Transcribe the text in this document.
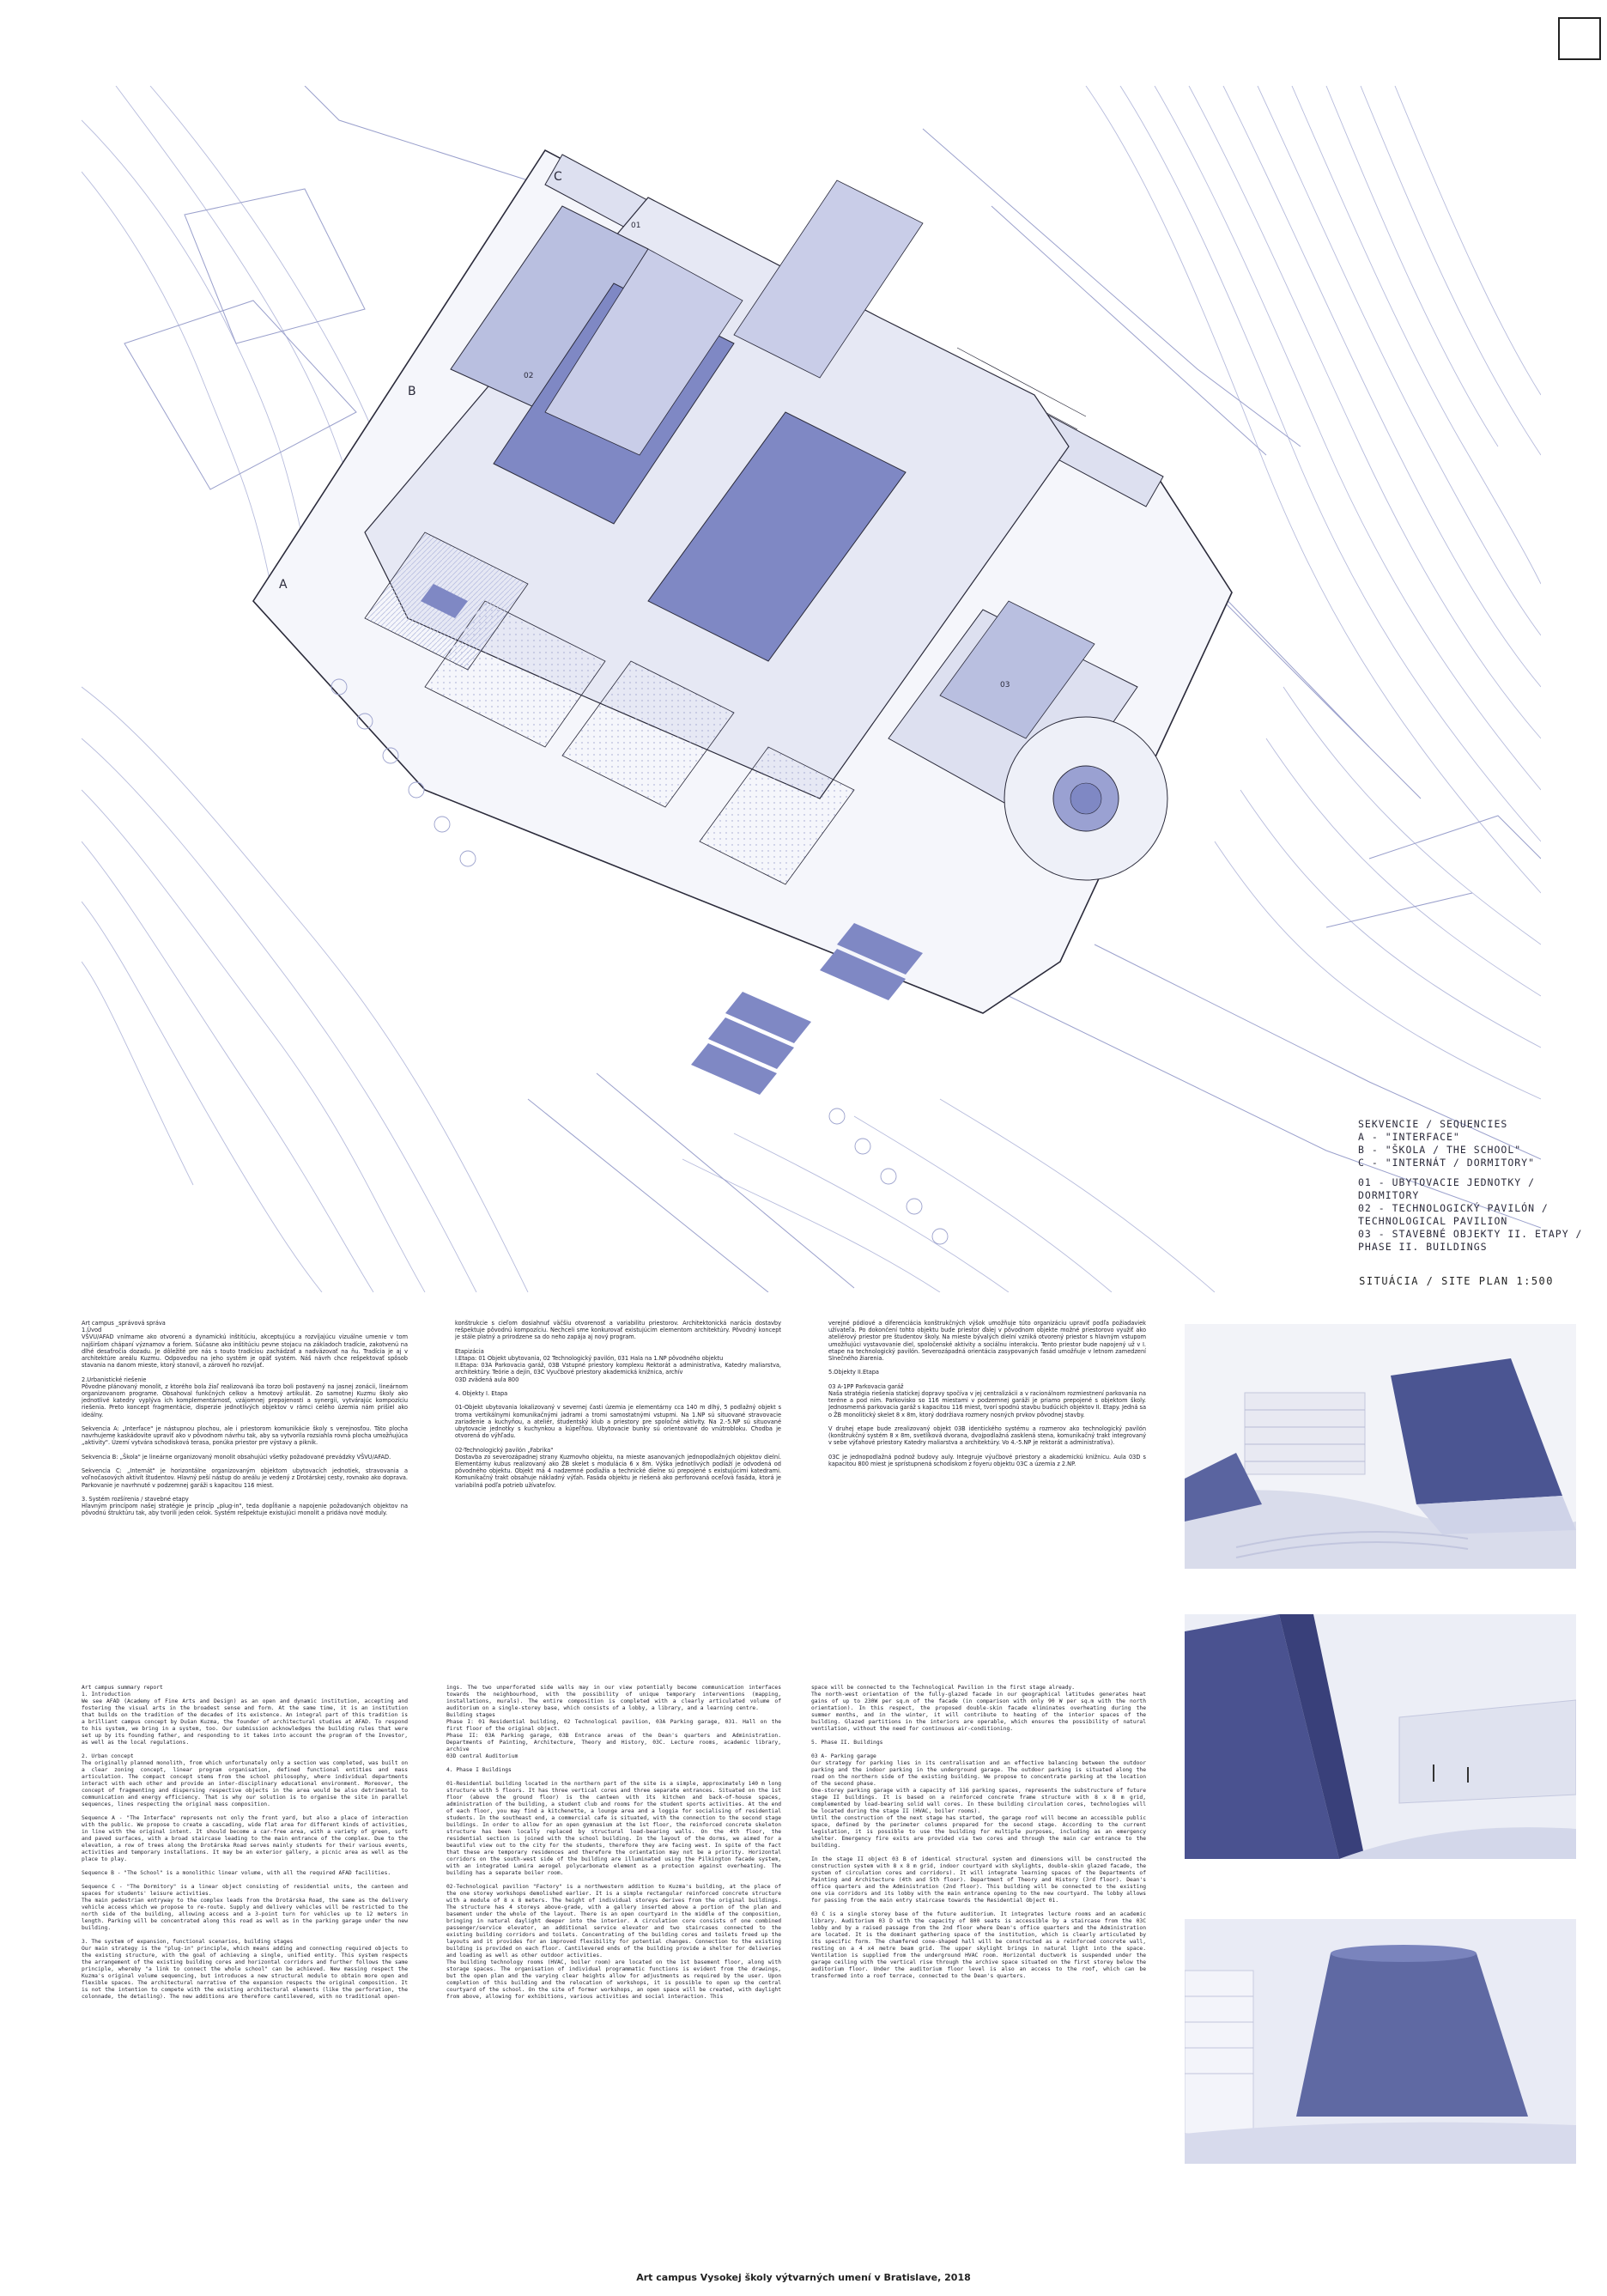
A
B
C
01
02
03
SEKVENCIE / SEQUENCIES
A - "INTERFACE"
B - "ŠKOLA / THE SCHOOL"
C - "INTERNÁT / DORMITORY"
01 - UBYTOVACIE JEDNOTKY /
DORMITORY
02 - TECHNOLOGICKÝ PAVILÓN /
TECHNOLOGICAL PAVILION
03 - STAVEBNÉ OBJEKTY II. ETAPY /
PHASE II. BUILDINGS
SITUÁCIA / SITE PLAN 1:500
Art campus _správová správa
1.Úvod
VŠVU/AFAD vnímame ako otvorenú a dynamickú inštitúciu, akceptujúcu a rozvíjajúcu vizuálne umenie v tom najširšom chápaní významov a foriem. Súčasne ako inštitúciu pevne stojacu na základoch tradície, zakotvenú na dlhé desaťročia dozadu. Je dôležité pre nás s touto tradíciou zachádzať a nadväzovať na ňu. Tradícia je aj v architektúre areálu Kuzmu. Odpoveďou na jeho systém je opäť systém. Náš návrh chce rešpektovať spôsob stavania na danom mieste, ktorý stanovil, a zároveň ho rozvíjať.

2.Urbanistické riešenie
Pôvodne plánovaný monolit, z ktorého bola žiaľ realizovaná iba torzo boli postavený na jasnej zonácii, lineárnom organizovanom programe. Obsahoval funkčných celkov a hmotový artikulát. Zo samotnej Kuzmu školy ako jednotlivé katedry vyplýva ich komplementárnosť, vzájomnej prepojenosti a synergii, vytvárajúc kompozíciu riešenia. Preto koncept fragmentácie, disperzie jednotlivých objektov v rámci celého územia nám prišiel ako ideálny.

Sekvencia A: „Interface" je nástupnou plochou, ale i priestorom komunikácie školy s verejnosťou. Táto plocha navrhujeme kaskádovite upraviť ako v pôvodnom návrhu tak, aby sa vytvorila rozsiahla rovná plocha umožňujúca „aktivity". Území vytvára schodisková terasa, ponúka priestor pre výstavy a piknik.

Sekvencia B: „Škola" je lineárne organizovaný monolit obsahujúci všetky požadované prevádzky VŠVU/AFAD.

Sekvencia C: „Internát" je horizontálne organizovaným objektom ubytovacích jednotiek, stravovania a voľnočasových aktivít študentov. Hlavný peší nástup do areálu je vedený z Drotárskej cesty, rovnako ako doprava. Parkovanie je navrhnuté v podzemnej garáži s kapacitou 116 miest.

3. Systém rozšírenia / stavebné etapy
Hlavným princípom našej stratégie je princíp „plug-in", teda dopĺňanie a napojenie požadovaných objektov na pôvodnú štruktúru tak, aby tvorili jeden celok. Systém rešpektuje existujúci monolit a pridáva nové moduly.
konštrukcie s cieľom dosiahnuť väčšiu otvorenosť a variabilitu priestorov. Architektonická narácia dostavby rešpektuje pôvodnú kompozíciu. Nechceli sme konkurovať existujúcim elementom architektúry. Pôvodný koncept je stále platný a prirodzene sa do neho zapája aj nový program.

Etapizácia
I.Etapa: 01 Objekt ubytovania, 02 Technologický pavilón, 031 Hala na 1.NP pôvodného objektu
II.Etapa: 03A Parkovacia garáž, 03B Vstupné priestory komplexu Rektorát a administratíva, Katedry maliarstva, architektúry. Teórie a dejín, 03C Vyučbové priestory akademická knižnica, archív
03D zvädená aula 800

4. Objekty I. Etapa

01-Objekt ubytovania lokalizovaný v severnej časti územia je elementárny cca 140 m dlhý, 5 podlažný objekt s troma vertikálnymi komunikačnými jadrami a tromi samostatnými vstupmi. Na 1.NP sú situované stravovacie zariadenie a kuchyňou, a ateliér, študentský klub a priestory pre spoločné aktivity. Na 2.-5.NP sú situované ubytovacie jednotky s kuchynkou a kúpeľňou. Ubytovacie bunky sú orientované do vnútrobloku. Chodba je otvorená do výhľadu.

02-Technologický pavilón „Fabrika"
Dostavba zo severozápadnej strany Kuzmovho objektu, na mieste asanovaných jednopodlažných objektov dielní. Elementárny kubus realizovaný ako ŽB skelet s modulácia 6 x 8m. Výška jednotlivých podlaží je odvodená od pôvodného objektu. Objekt má 4 nadzemné podlažia a technické dielne sú prepojené s existujúcimi katedrami. Komunikačný trakt obsahuje nákladný výťah. Fasáda objektu je riešená ako perforovaná oceľová fasáda, ktorá je variabilná podľa potrieb užívateľov.
verejné pódiové a diferenciácia konštrukčných výšok umožňuje túto organizáciu upraviť podľa požiadaviek užívateľa. Po dokončení tohto objektu bude priestor ďalej v pôvodnom objekte možné priestorovo využiť ako ateliérový priestor pre študentov školy. Na mieste bývalých dielní vzniká otvorený priestor s hlavným vstupom umožňujúci vystavovanie diel, spoločenské aktivity a sociálnu interakciu. Tento priestor bude napojený už v I. etape na technologický pavilón. Severozápadná orientácia zasypovaných fasád umožňuje v letnom zamedzení Slnečného žiarenia.

5.Objekty II.Etapa

03 A-1PP Parkovacia garáž
Naša stratégia riešenia statickej dopravy spočíva v jej centralizácii a v racionálnom rozmiestnení parkovania na teréne a pod ním. Parkovisko so 116 miestami v podzemnej garáži je priamo prepojené s objektom školy. Jednosmerná parkovacia garáž s kapacitou 116 miest, tvorí spodnú stavbu budúcich objektov II. Etapy. Jedná sa o ŽB monolitický skelet 8 x 8m, ktorý dodržiava rozmery nosných prvkov pôvodnej stavby.

V druhej etape bude zrealizovaný objekt 03B identického systému a rozmerov ako technologický pavilón (konštrukčný systém 8 x 8m, svetlíková dvorana, dvojpodlažná zasklená stena, komunikačný trakt integrovaný v sebe výťahové priestory Katedry maliarstva a architektúry. Vo 4.-5.NP je rektorát a administratíva).

03C je jednopodlažná podnož budovy auly. Integruje výučbové priestory a akademickú knižnicu. Aula 03D s kapacitou 800 miest je sprístupnená schodiskom z foyeru objektu 03C a územia z 2.NP.
Art campus summary report
1. Introduction
We see AFAD (Academy of Fine Arts and Design) as an open and dynamic institution, accepting and fostering the visual arts in the broadest sense and form. At the same time, it is an institution that builds on the tradition of the decades of its existence. An integral part of this tradition is a brilliant campus concept by Dušan Kuzma, the founder of architectural studies at AFAD. To respond to his system, we bring in a system, too. Our submission acknowledges the building rules that were set up by its founding father, and responding to it takes into account the program of the Investor, as well as the local regulations.

2. Urban concept
The originally planned monolith, from which unfortunately only a section was completed, was built on a clear zoning concept, linear program organisation, defined functional entities and mass articulation. The compact concept stems from the school philosophy, where individual departments interact with each other and provide an inter-disciplinary educational environment. Moreover, the concept of fragmenting and dispersing respective objects in the area would be also detrimental to communication and energy efficiency. That is why our solution is to organise the site in parallel sequences, lines respecting the original mass composition.

Sequence A - "The Interface" represents not only the front yard, but also a place of interaction with the public. We propose to create a cascading, wide flat area for different kinds of activities, in line with the original intent. It should become a car-free area, with a variety of green, soft and paved surfaces, with a broad staircase leading to the main entrance of the complex. Due to the elevation, a row of trees along the Drotárska Road serves mainly students for their various events, activities and temporary installations. It may be an exterior gallery, a picnic area as well as the place to play.

Sequence B - "The School" is a monolithic linear volume, with all the required AFAD facilities.

Sequence C - "The Dormitory" is a linear object consisting of residential units, the canteen and spaces for students' leisure activities.
The main pedestrian entryway to the complex leads from the Drotárska Road, the same as the delivery vehicle access which we propose to re-route. Supply and delivery vehicles will be restricted to the north side of the building, allowing access and a 3-point turn for vehicles up to 12 meters in length. Parking will be concentrated along this road as well as in the parking garage under the new building.

3. The system of expansion, functional scenarios, building stages
Our main strategy is the "plug-in" principle, which means adding and connecting required objects to the existing structure, with the goal of achieving a single, unified entity. This system respects the arrangement of the existing building cores and horizontal corridors and further follows the same principle, whereby "a link to connect the whole school" can be achieved. New massing respect the Kuzma's original volume sequencing, but introduces a new structural module to obtain more open and flexible spaces. The architectural narrative of the expansion respects the original composition. It is not the intention to compete with the existing architectural elements (like the perforation, the colonnade, the detailing). The new additions are therefore cantilevered, with no traditional open-
ings. The two unperforated side walls may in our view potentially become communication interfaces towards the neighbourhood, with the possibility of unique temporary interventions (mapping, installations, murals). The entire composition is completed with a clearly articulated volume of auditorium on a single-storey base, which consists of a lobby, a library, and a learning centre.
Building stages
Phase I: 01 Residential building, 02 Technological pavilion, 03A Parking garage, 031. Hall on the first floor of the original object.
Phase II: 03A Parking garage, 03B Entrance areas of the Dean's quarters and Administration. Departments of Painting, Architecture, Theory and History, 03C. Lecture rooms, academic library, archive
03D central Auditorium

4. Phase I Buildings

01-Residential building located in the northern part of the site is a simple, approximately 140 m long structure with 5 floors. It has three vertical cores and three separate entrances. Situated on the 1st floor (above the ground floor) is the canteen with its kitchen and back-of-house spaces, administration of the building, a student club and rooms for the student sports activities. At the end of each floor, you may find a kitchenette, a lounge area and a loggia for socialising of residential students. In the southeast end, a commercial cafe is situated, with the connection to the second stage buildings. In order to allow for an open gymnasium at the 1st floor, the reinforced concrete skeleton structure has been locally replaced by structural load-bearing walls. On the 4th floor, the residential section is joined with the school building. In the layout of the dorms, we aimed for a beautiful view out to the city for the students, therefore they are facing west. In spite of the fact that these are temporary residences and therefore the orientation may not be a priority. Horizontal corridors on the south-west side of the building are illuminated using the Pilkington facade system, with an integrated Lumira aerogel polycarbonate element as a protection against overheating. The building has a separate boiler room.

02-Technological pavilion "Factory" is a northwestern addition to Kuzma's building, at the place of the one storey workshops demolished earlier. It is a simple rectangular reinforced concrete structure with a module of 8 x 8 meters. The height of individual storeys derives from the original buildings. The structure has 4 storeys above-grade, with a gallery inserted above a portion of the plan and basement under the whole of the layout. There is an open courtyard in the middle of the composition, bringing in natural daylight deeper into the interior. A circulation core consists of one combined passenger/service elevator, an additional service elevator and two staircases connected to the existing building corridors and toilets. Concentrating of the building cores and toilets freed up the layouts and it provides for an improved flexibility for potential changes. Connection to the existing building is provided on each floor. Cantilevered ends of the building provide a shelter for deliveries and loading as well as other outdoor activities.
The building technology rooms (HVAC, boiler room) are located on the 1st basement floor, along with storage spaces. The organisation of individual programmatic functions is evident from the drawings, but the open plan and the varying clear heights allow for adjustments as required by the user. Upon completion of this building and the relocation of workshops, it is possible to open up the central courtyard of the school. On the site of former workshops, an open space will be created, with daylight from above, allowing for exhibitions, various activities and social interaction. This
space will be connected to the Technological Pavilion in the first stage already.
The north-west orientation of the fully-glazed facade in our geographical latitudes generates heat gains of up to 230W per sq.m of the facade (in comparison with only 90 W per sq.m with the north orientation). In this respect, the proposed double-skin facade eliminates overheating during the summer months, and in the winter, it will contribute to heating of the interior spaces of the building. Glazed partitions in the interiors are operable, which ensures the possibility of natural ventilation, without the need for continuous air-conditioning.

5. Phase II. Buildings

03 A- Parking garage
Our strategy for parking lies in its centralisation and an effective balancing between the outdoor parking and the indoor parking in the underground garage. The outdoor parking is situated along the road on the northern side of the existing building. We propose to concentrate parking at the location of the second phase.
One-storey parking garage with a capacity of 116 parking spaces, represents the substructure of future stage II buildings. It is based on a reinforced concrete frame structure with 8 x 8 m grid, complemented by load-bearing solid wall cores. In these building circulation cores, technologies will be located during the stage II (HVAC, boiler rooms).
Until the construction of the next stage has started, the garage roof will become an accessible public space, defined by the perimeter columns prepared for the second stage. According to the current legislation, it is possible to use the building for multiple purposes, including as an emergency shelter. Emergency fire exits are provided via two cores and through the main car entrance to the building.

In the stage II object 03 B of identical structural system and dimensions will be constructed the construction system with 8 x 8 m grid, indoor courtyard with skylights, double-skin glazed facade, the system of circulation cores and corridors). It will integrate learning spaces of the Departments of Painting and Architecture (4th and 5th floor). Department of Theory and History (3rd floor). Dean's office quarters and the Administration (2nd floor). This building will be connected to the existing one via corridors and its lobby with the main entrance opening to the new courtyard. The lobby allows for passing from the main entry staircase towards the Residential Object 01.

03 C is a single storey base of the future auditorium. It integrates lecture rooms and an academic library. Auditorium 03 D with the capacity of 800 seats is accessible by a staircase from the 03C lobby and by a raised passage from the 2nd floor where Dean's office quarters and the Administration are located. It is the dominant gathering space of the institution, which is clearly articulated by its specific form. The chamfered cone-shaped hall will be constructed as a reinforced concrete wall, resting on a 4 x4 metre beam grid. The upper skylight brings in natural light into the space. Ventilation is supplied from the underground HVAC room. Horizontal ductwork is suspended under the garage ceiling with the vertical rise through the archive space situated on the first storey below the auditorium floor. Under the auditorium floor level is also an access to the roof, which can be transformed into a roof terrace, connected to the Dean's quarters.
Art campus Vysokej školy výtvarných umení v Bratislave, 2018
